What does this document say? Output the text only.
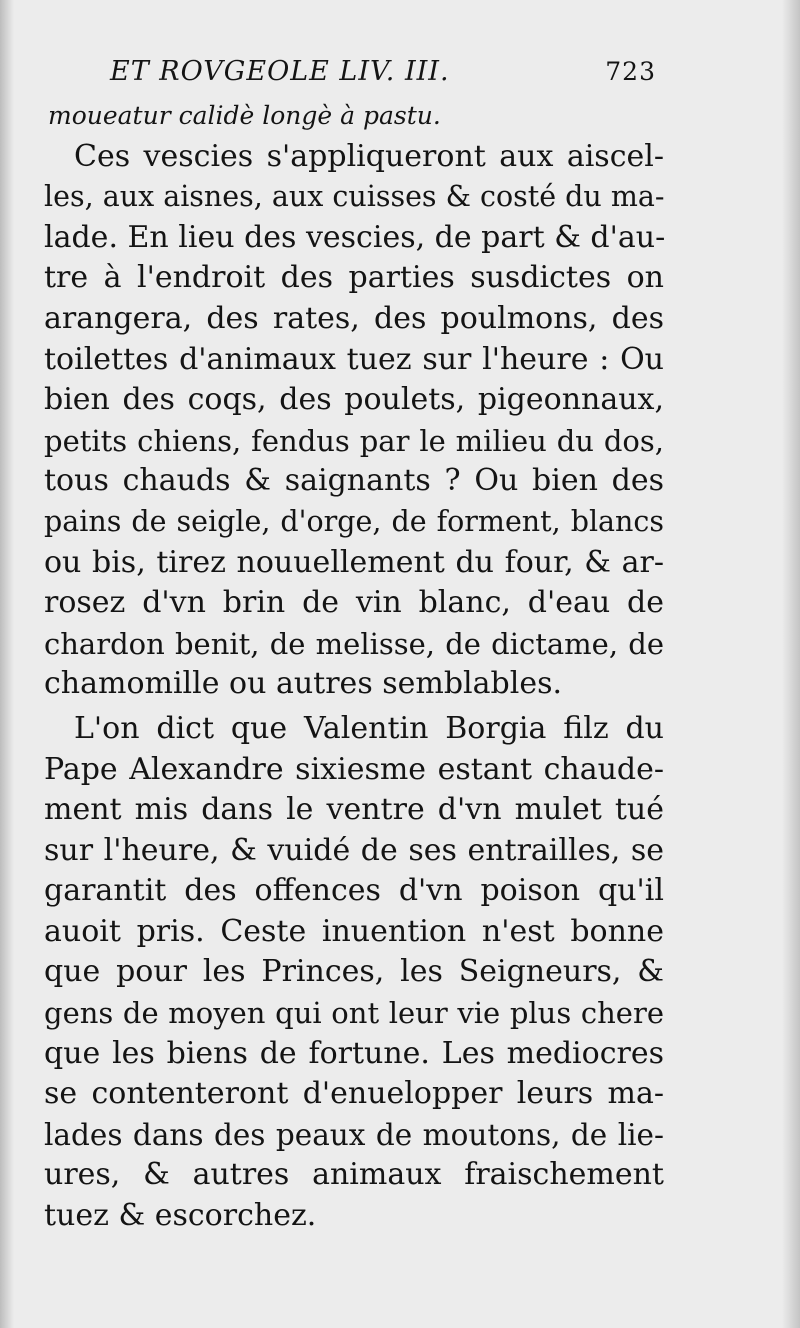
ET ROVGEOLE LIV. III.	723
moueatur calidè longè à pastu.
Ces vescies s'appliqueront aux aiscel-
les, aux aisnes, aux cuisses & costé du ma-
lade. En lieu des vescies, de part & d'au-
tre à l'endroit des parties susdictes on
arangera, des rates, des poulmons, des
toilettes d'animaux tuez sur l'heure : Ou
bien des coqs, des poulets, pigeonnaux,
petits chiens, fendus par le milieu du dos,
tous chauds & saignants ? Ou bien des
pains de seigle, d'orge, de forment, blancs
ou bis, tirez nouuellement du four, & ar-
rosez d'vn brin de vin blanc, d'eau de
chardon benit, de melisse, de dictame, de
chamomille ou autres semblables.
L'on dict que Valentin Borgia filz du
Pape Alexandre sixiesme estant chaude-
ment mis dans le ventre d'vn mulet tué
sur l'heure, & vuidé de ses entrailles, se
garantit des offences d'vn poison qu'il
auoit pris. Ceste inuention n'est bonne
que pour les Princes, les Seigneurs, &
gens de moyen qui ont leur vie plus chere
que les biens de fortune. Les mediocres
se contenteront d'enuelopper leurs ma-
lades dans des peaux de moutons, de lie-
ures, & autres animaux fraischement
tuez & escorchez.
